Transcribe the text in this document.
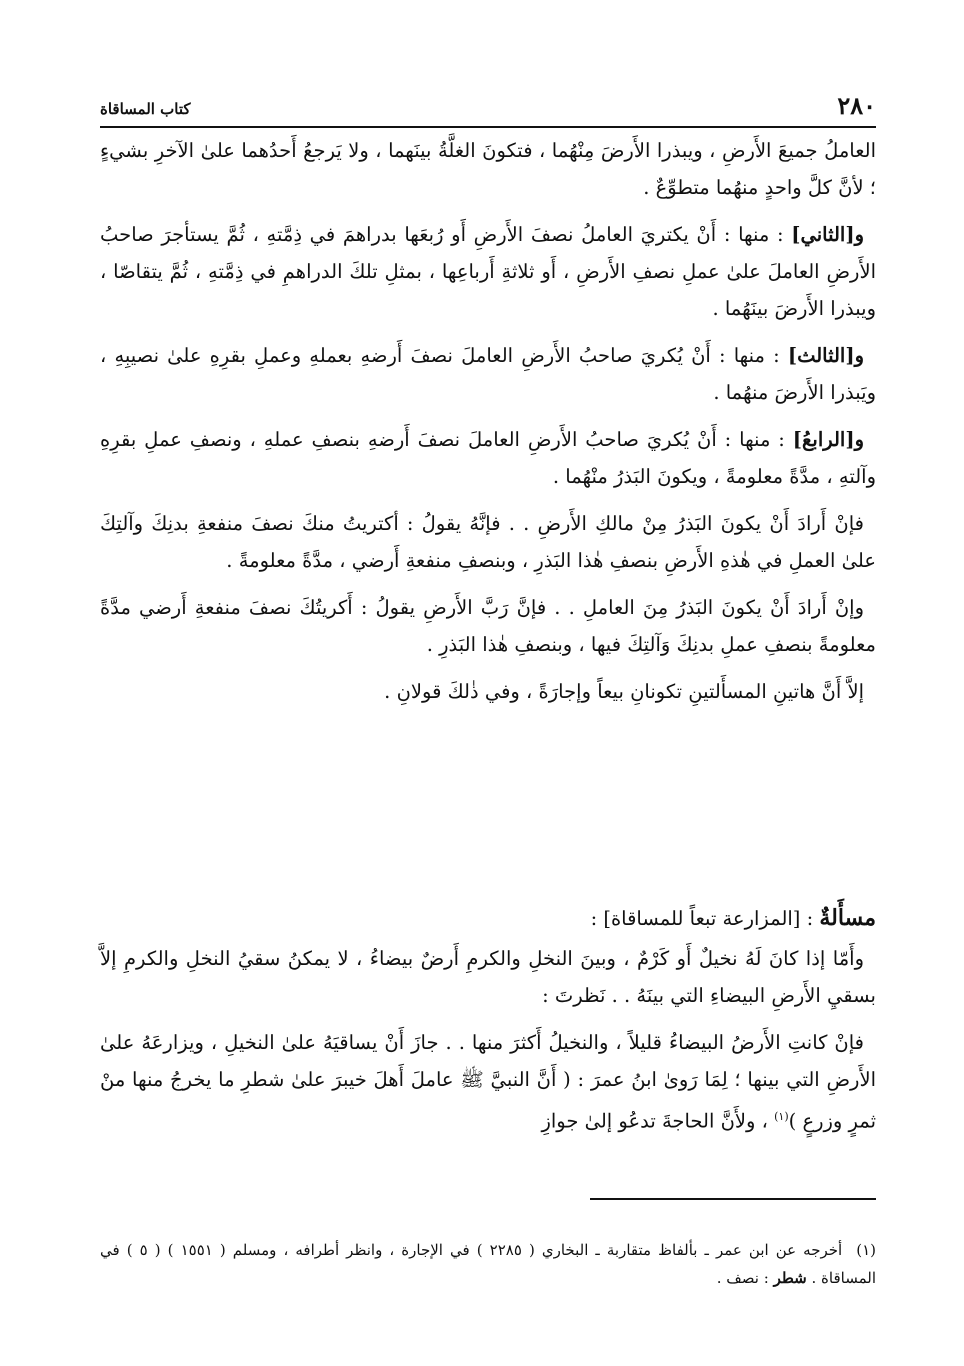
٢٨٠
كتاب المساقاة

العاملُ جميعَ الأَرضِ ، ويبذرا الأَرضَ مِنْهُما ، فتكونَ الغلَّةُ بينَهما ، ولا يَرجعُ أَحدُهما علىٰ الآخرِ بشيءٍ ؛ لأنَّ كلَّ واحدٍ منهُما متطوِّعٌ .

و[الثاني] : منها : أَنْ يكتريَ العاملُ نصفَ الأَرضِ أَو رُبعَها بدراهمَ في ذِمَّتهِ ، ثُمَّ يستأجرَ صاحبُ الأَرضِ العاملَ علىٰ عملِ نصفِ الأَرضِ ، أَو ثلاثةِ أَرباعِها ، بمثلِ تلكَ الدراهمِ في ذِمَّتهِ ، ثُمَّ يتقاصّا ، ويبذرا الأَرضَ بينَهُما .

و[الثالث] : منها : أَنْ يُكريَ صاحبُ الأَرضِ العاملَ نصفَ أَرضهِ بعملهِ وعملِ بقرِهِ علىٰ نصيبِهِ ، ويَبذرا الأَرضَ منهُما .

و[الرابعُ] : منها : أَنْ يُكريَ صاحبُ الأَرضِ العاملَ نصفَ أَرضهِ بنصفِ عملهِ ، ونصفِ عملِ بقرِهِ وآلتهِ ، مدَّةً معلومةً ، ويكونَ البَذرُ منْهُما .

فإنْ أَرادَ أَنْ يكونَ البَذرُ مِنْ مالكِ الأَرضِ . . فإنَّهُ يقولُ : أكتريتُ منكَ نصفَ منفعةِ بدنِكَ وآلتِكَ علىٰ العملِ في هٰذهِ الأَرضِ بنصفِ هٰذا البَذرِ ، وبنصفِ منفعةِ أَرضي ، مدَّةً معلومةً .

وإنْ أَرادَ أَنْ يكونَ البَذرُ مِنَ العاملِ . . فإنَّ رَبَّ الأَرضِ يقولُ : أَكريتُكَ نصفَ منفعةِ أَرضي مدَّةً معلومةً بنصفِ عملِ بدنِكَ وَآلتِكَ فيها ، وبنصفِ هٰذا البَذرِ .

إلاَّ أَنَّ هاتينِ المسأَلتينِ تكونانِ بيعاً وإجارَةً ، وفي ذٰلكَ قولانِ .

مسأَلةٌ : [المزارعة تبعاً للمساقاة] :

وأَمّا إذا كانَ لَهُ نخيلٌ أَو كَرْمٌ ، وبينَ النخلِ والكرمِ أَرضٌ بيضاءُ ، لا يمكنُ سقيُ النخلِ والكرمِ إلاَّ بسقيِ الأَرضِ البيضاءِ التي بينَهُ . . نَظرتَ :

فإنْ كانتِ الأَرضُ البيضاءُ قليلاً ، والنخيلُ أَكثرَ منها . . جازَ أَنْ يساقيَهُ علىٰ النخيلِ ، ويزارعَهُ علىٰ الأَرضِ التي بينها ؛ لِمَا رَوىٰ ابنُ عمرَ : ( أَنَّ النبيَّ ﷺ عاملَ أَهلَ خيبرَ علىٰ شطرِ ما يخرجُ منها منْ ثمرٍ وزرعٍ )$^{(١)}$ ، ولأَنَّ الحاجةَ تدعُو إلىٰ جوازِ

(١)أخرجه عن ابن عمر ـ بألفاظ متقاربة ـ البخاري ( ٢٢٨٥ ) في الإجارة ، وانظر أطرافه ، ومسلم ( ١٥٥١ ) ( ٥ ) في المساقاة . شطر : نصف .
